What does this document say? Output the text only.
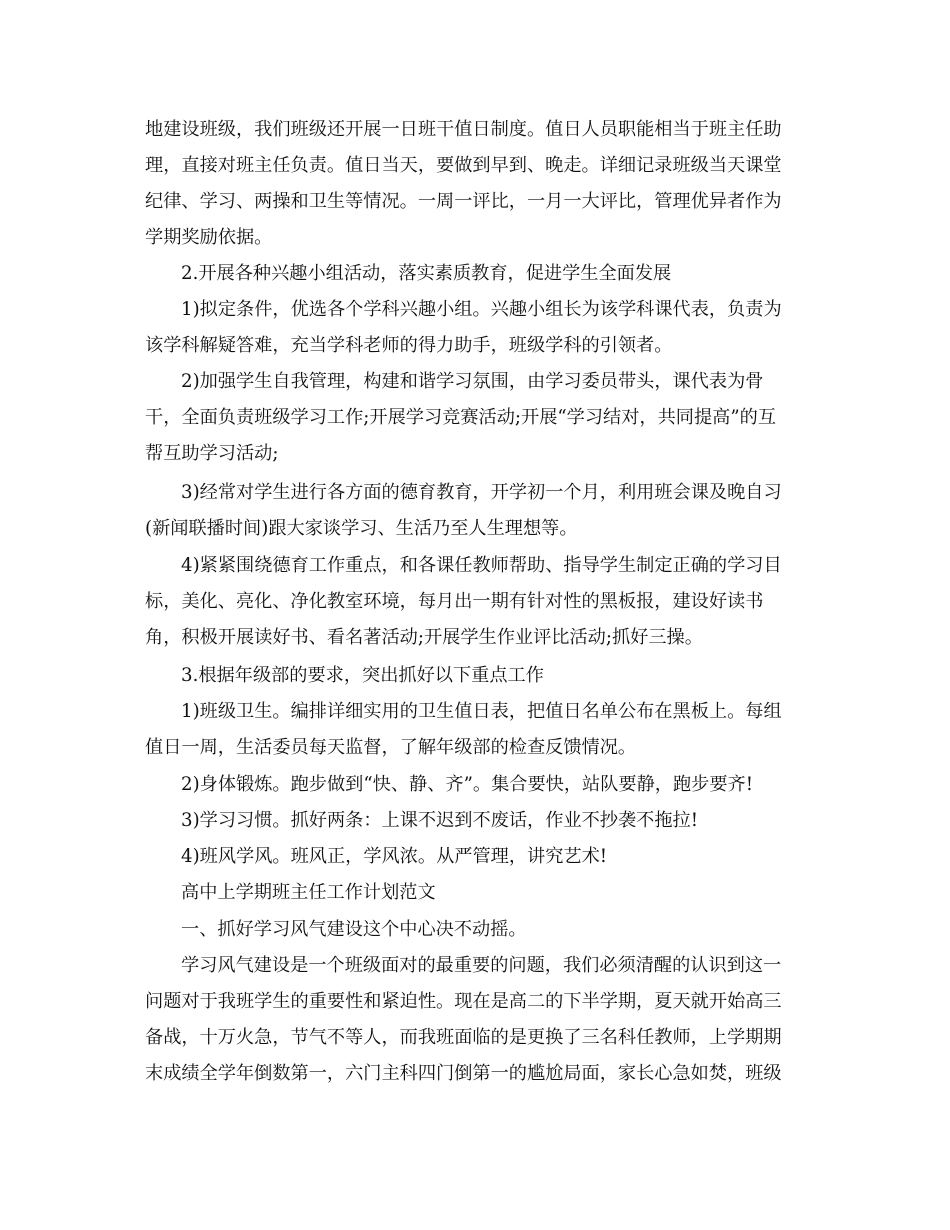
地建设班级，我们班级还开展一日班干值日制度。值日人员职能相当于班主任助
理，直接对班主任负责。值日当天，要做到早到、晚走。详细记录班级当天课堂
纪律、学习、两操和卫生等情况。一周一评比，一月一大评比，管理优异者作为
学期奖励依据。

2.开展各种兴趣小组活动，落实素质教育，促进学生全面发展

1)拟定条件，优选各个学科兴趣小组。兴趣小组长为该学科课代表，负责为
该学科解疑答难，充当学科老师的得力助手，班级学科的引领者。

2)加强学生自我管理，构建和谐学习氛围，由学习委员带头，课代表为骨
干，全面负责班级学习工作;开展学习竞赛活动;开展“学习结对，共同提高”的互
帮互助学习活动;

3)经常对学生进行各方面的德育教育，开学初一个月，利用班会课及晚自习
(新闻联播时间)跟大家谈学习、生活乃至人生理想等。

4)紧紧围绕德育工作重点，和各课任教师帮助、指导学生制定正确的学习目
标，美化、亮化、净化教室环境，每月出一期有针对性的黑板报，建设好读书
角，积极开展读好书、看名著活动;开展学生作业评比活动;抓好三操。

3.根据年级部的要求，突出抓好以下重点工作

1)班级卫生。编排详细实用的卫生值日表，把值日名单公布在黑板上。每组
值日一周，生活委员每天监督，了解年级部的检查反馈情况。

2)身体锻炼。跑步做到“快、静、齐”。集合要快，站队要静，跑步要齐!

3)学习习惯。抓好两条：上课不迟到不废话，作业不抄袭不拖拉!

4)班风学风。班风正，学风浓。从严管理，讲究艺术!

高中上学期班主任工作计划范文

一、抓好学习风气建设这个中心决不动摇。

学习风气建设是一个班级面对的最重要的问题，我们必须清醒的认识到这一
问题对于我班学生的重要性和紧迫性。现在是高二的下半学期，夏天就开始高三
备战，十万火急，节气不等人，而我班面临的是更换了三名科任教师，上学期期
末成绩全学年倒数第一，六门主科四门倒第一的尴尬局面，家长心急如焚，班级
